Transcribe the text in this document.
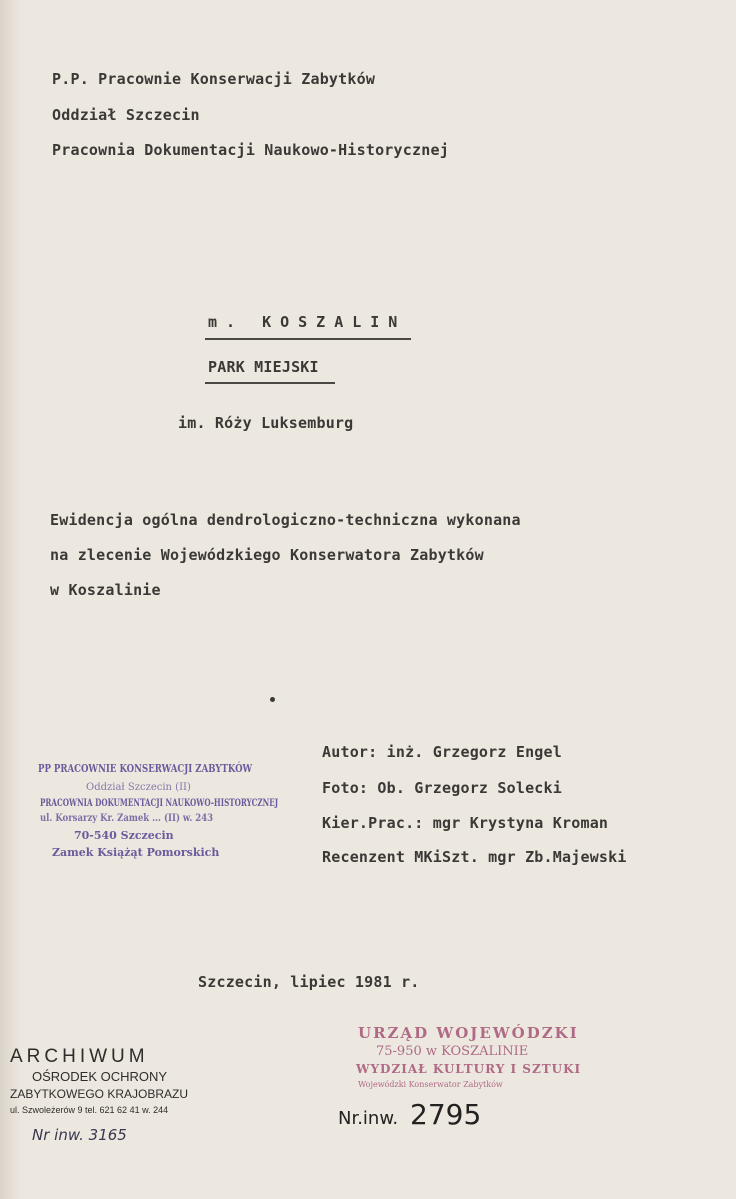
P.P. Pracownie Konserwacji Zabytków
Oddział Szczecin
Pracownia Dokumentacji Naukowo-Historycznej
m. KOSZALIN
PARK MIEJSKI
im. Róży Luksemburg
Ewidencja ogólna dendrologiczno-techniczna wykonana
na zlecenie Wojewódzkiego Konserwatora Zabytków
w Koszalinie
Autor: inż. Grzegorz Engel
Foto: Ob. Grzegorz Solecki
Kier.Prac.: mgr Krystyna Kroman
Recenzent MKiSzt. mgr Zb.Majewski
PP PRACOWNIE KONSERWACJI ZABYTKÓW
Oddział Szczecin (II)
PRACOWNIA DOKUMENTACJI NAUKOWO-HISTORYCZNEJ
ul. Korsarzy Kr. Zamek ... (II) w. 243
70-540 Szczecin
Zamek Książąt Pomorskich
Szczecin, lipiec 1981 r.
URZĄD WOJEWÓDZKI
75-950 w KOSZALINIE
WYDZIAŁ KULTURY I SZTUKI
Wojewódzki Konserwator Zabytków
ARCHIWUM
OŚRODEK OCHRONY
ZABYTKOWEGO KRAJOBRAZU
ul. Szwoleżerów 9 tel. 621 62 41 w. 244
Nr inw. 3165
Nr.inw. 2795
